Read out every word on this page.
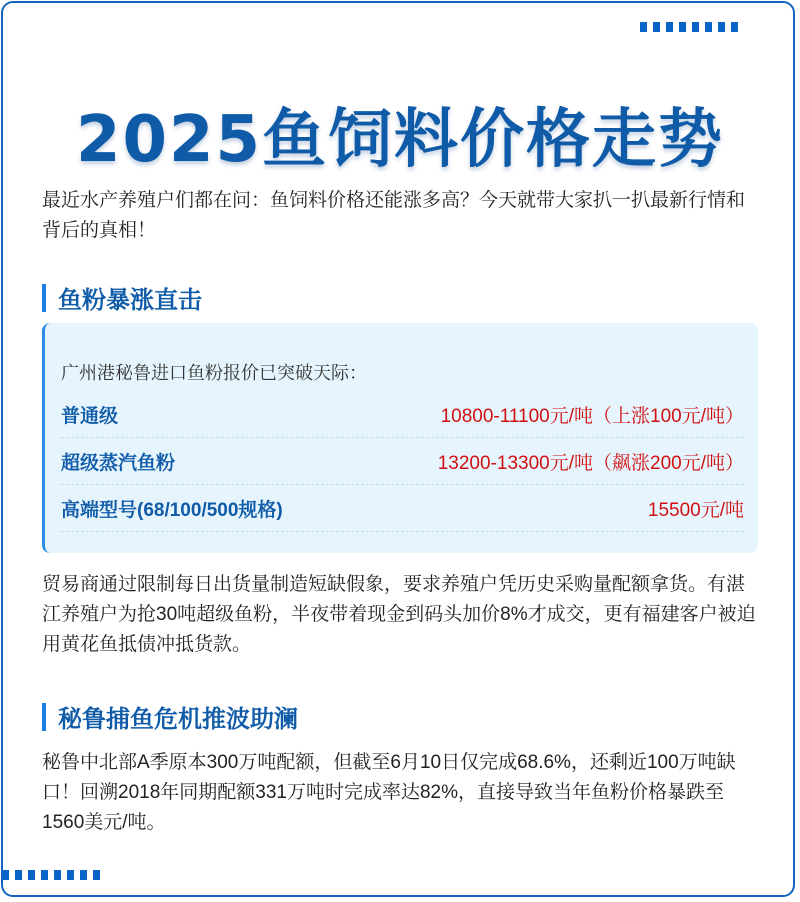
2025鱼饲料价格走势
最近水产养殖户们都在问：鱼饲料价格还能涨多高？今天就带大家扒一扒最新行情和背后的真相！
鱼粉暴涨直击
广州港秘鲁进口鱼粉报价已突破天际：
普通级	10800-11100元/吨（上涨100元/吨）
超级蒸汽鱼粉	13200-13300元/吨（飙涨200元/吨）
高端型号(68/100/500规格)	15500元/吨
贸易商通过限制每日出货量制造短缺假象，要求养殖户凭历史采购量配额拿货。有湛江养殖户为抢30吨超级鱼粉，半夜带着现金到码头加价8%才成交，更有福建客户被迫用黄花鱼抵债冲抵货款。
秘鲁捕鱼危机推波助澜
秘鲁中北部A季原本300万吨配额，但截至6月10日仅完成68.6%，还剩近100万吨缺口！回溯2018年同期配额331万吨时完成率达82%，直接导致当年鱼粉价格暴跌至1560美元/吨。
